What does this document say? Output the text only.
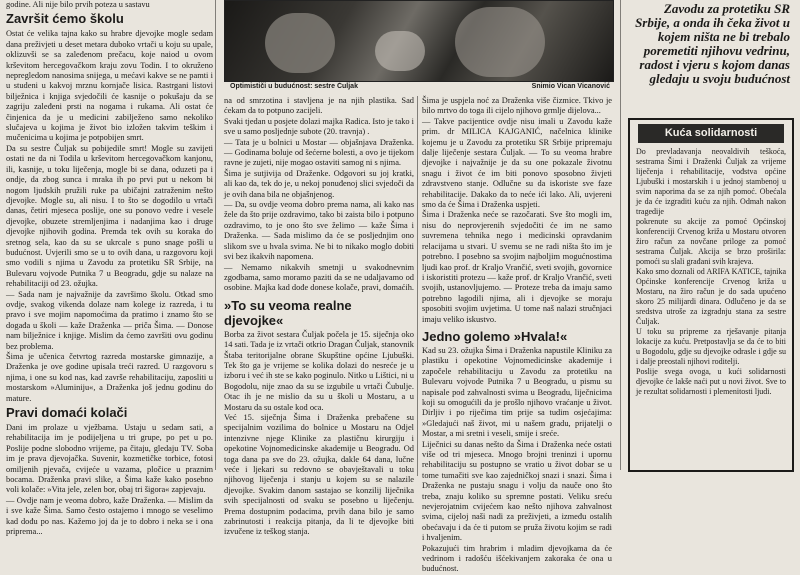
godine. Ali nije bilo prvih poteza u sastavu

Završit ćemo školu

Ostat će velika tajna kako su hrabre djevojke mogle sedam dana preživjeti u deset metara duboko vrtači u koju su upale, oklizuvši se sa zaleđenom prečacu, koje naiod u ovom krševitom hercegovačkom kraju zovu Todin. I to okruženo nepregledom nanosima snijega, u mećavi kakve se ne pamti i u studeni u kakvoj mrznu kornjače lisica. Rastrgani listovi bilježnica i knjiga svjedočili će kasnije o pokušaju da se zagriju zaleđeni prsti na nogama i rukama. Ali ostat će činjenica da je u medicini zabilježeno samo nekoliko slučajeva u kojima je život bio izložen takvim teškim i mučenicima u kojima je potpobijen smrt.

Da su sestre Čuljak su pobijedile smrt! Mogle su zavijeti ostati ne da ni Todila u krševitom hercegovačkom kanjonu, ili, kasnije, u toku liječenja, mogle bi se dana, oduzeti pa i ondje, da zbog sunca i mraka ih po prvi put u nekom bi nogom ljudskih pružili ruke pa ubičajni zatraženim nešto djevojke. Mogle su, ali nisu. I to što se dogodilo u vrtači danas, četiri mjeseca poslije, one su ponovo vedre i vesele djevojke, obuzete stremljenjima i nadanjima kao i druge djevojke njihovih godina. Premda tek ovih su koraka do sretnog sela, kao da su se ukrcale s puno snage pošli u budućnost. Uvjerili smo se u to ovih dana, u razgovoru koji smo vodili s njima u Zavodu za protetiku SR Srbije, na Bulevaru vojvode Putnika 7 u Beogradu, gdje su nalaze na rehabilitaciji od 23. ožujka.

— Sada nam je najvažnije da završimo školu. Otkad smo ovdje, svakog vikenda dolaze nam kolege iz razreda, i tu pravo i sve mojim napomoćima da pratimo i znamo što se događa u školi — kaže Draženka — priča Šima. — Donose nam bilježnice i knjige. Mislim da ćemo završiti ovu godinu bez problema.

Šima je učenica četvrtog razreda mostarske gimnazije, a Draženka je ove godine upisala treći razred. U razgovoru s njima, i one su kod nas, kad završe rehabilitaciju, zaposliti u mostarskom »Aluminiju«, a Draženka još jednu godinu do mature.

Pravi domaći kolači

Dani im prolaze u vježbama. Ustaju u sedam sati, a rehabilitacija im je podijeljena u tri grupe, po pet u po. Poslije podne slobodno vrijeme, pa čitaju, gledaju TV. Soba im je prava djevojačka. Suvenir, kozmetičke torbice, fotosi omiljenih pjevača, cvijeće u vazama, pločice u praznim bocama. Draženka pravi slike, a Šima kaže kako posebno voli kolače: »Vita jele, zelen bor, obaj tri šigora« zapjevaju.

— Ovdje nam je veoma dobro, kaže Draženka. — Mislim da i sve kaže Šima. Samo često ostajemo i mnogo se veselimo kad dođu po nas. Kažemo joj da je to dobro i neka se i ona priprema...

Optimističi u budućnost: sestre Čuljak	Snimio Vican Vicanović

na od smrzotina i stavljena je na njih plastika. Sad ćekam da to potpuno zacijeli.

Svaki tjedan u posjete dolazi majka Radica. Isto je tako i sve u samo posljednje subote (20. travnja) .

— Tata je u bolnici u Mostar — objašnjava Draženka. — Godinama boluje od šećerne bolesti, a ovo je tijekom ravne je zujeti, nije mogao ostaviti samog ni s njima.

Šima je sutjivija od Draženke. Odgovori su joj kratki, ali kao da, tek do je, u nekoj ponuđenoj slici svjedoči da je ovih dana bila ne objašnjenog.

— Da, su ovdje veoma dobro prema nama, ali kako nas žele da što prije ozdravimo, tako bi zaista bilo i potpuno ozdravimo, to je ono što sve želimo — kaže Šima i Draženka. — Sada mislimo da će se posljednjim ono slikom sve u hvala svima. Ne bi to nikako moglo dobiti svi bez ikakvih napomena.

— Nemamo nikakvih smetnji u svakodnevnim zgodbama, samo moramo paziti da se ne udaljavamo od osobine. Majka kad dođe donese kolače, pravi, domaćih.

»To su veoma realne djevojke«

Borba za život sestara Čuljak počela je 15. siječnja oko 14 sati. Tada je iz vrtači otkrio Dragan Čuljak, stanovnik Štaba teritorijalne obrane Skupštine općine Ljubuški. Tek što ga je vrijeme se kolika dolazi do nesreće je u izboru i već ih ste se kako poginulo. Nitko u Lištici, ni u Bogodolu, nije znao da su se izgubile u vrtači Čubulje. Otac ih je ne mislio da su u školi u Mostaru, a u Mostaru da su ostale kod oca.

Već 15. siječnja Šima i Draženka prebačene su specijalnim vozilima do bolnice u Mostaru na Odjel intenzivne njege Klinike za plastičnu kirurgiju i opekotine Vojnomedicinske akademije u Beogradu. Od toga dana pa sve do 23. ožujka, dakle 64 dana, lučne veće i ljekari su redovno se obavještavali u toku njihovog liječenja i stanju u kojem su se nalazile djevojke. Svakim danom sastajao se konzilij liječnika svih specijalnosti od svaku se posebno u liječenju. Prema dostupnim podacima, prvih dana bilo je samo zabrinutosti i reakcija pitanja, da li te djevojke biti izvučene iz teškog stanja.

Šima je uspjela noć za Draženka više čizmice. Tkivo je bilo mrtvo do toga ili cijelo njihovo grmlje dijelova...

— Takve pacijentice ovdje nisu imali u Zavodu kaže prim. dr MILICA KAJGANIĆ, načelnica klinike kojemu je u Zavodu za protetiku SR Srbije pripremaju dalje liječenje sestara Čuljak. — To su veoma hrabre djevojke i najvažnije je da su one pokazale životnu snagu i život će im biti ponovo sposobno živjeti zdravstveno stanje. Odlučne su da iskoriste sve faze rehabilitacije. Dakako da to neće ići lako. Ali, uvjereni smo da će Šima i Draženka uspjeti.

Šima i Draženka neće se razočarati. Sve što mogli im, nisu do neprovjerenih svjedočiti će im ne samo suvremena tehnika nego i medicinski opravdanim relacijama u stvari. U svemu se ne radi ništa što im je potrebno. I posebno sa svojim najboljim mogućnostima ljudi kao prof. dr Kraljo Vrančić, sveti svojih, govornice i iskoristiti protezu — kaže prof. dr Kraljo Vrančić, sveti svojih, ustanovljujemo. — Proteze treba da imaju samo potrebno lagodili njima, ali i djevojke se moraju sposobiti svojim uvjetima. U tome naš nalazi stručnjaci imaju veliko iskustvo.

Jedno golemo »Hvala!«

Kad su 23. ožujka Šima i Draženka napustile Kliniku za plastiku i opekotine Vojnomedicinske akademije i započele rehabilitaciju u Zavodu za protetiku na Bulevaru vojvode Putnika 7 u Beogradu, u pismu su napisale pod zahvalnosti svima u Beogradu, liječnicima koji su omogućili da je prošlo njihovo vraćanje u život. Dirljiv i po riječima tim prije sa tudim osjećajima: »Gledajući naš život, mi u našem gradu, prijatelji o Mostar, a mi sretni i veseli, smije i sreće.

Liječnici su danas nešto da Šima i Draženka neće ostati više od tri mjeseca. Mnogo brojni treninzi i upornu rehabilitaciju su postupno se vratio u život dobar se u tome tumačiti sve kao zajedničkoj snazi i snazi. Šima i Draženka ne pustaju snagu i volju da nauče ono što treba, znaju koliko su spremne postati. Veliku sreću nevjerojatnim cvijećem kao nešto njihova zahvalnost svima, cijeloj naši nadi za preživjeti, a između ostalih obećavaju i da će ti putom se pruža životu kojim se radi i hvaljenim.

Pokazujući tim hrabrim i mladim djevojkama da će vedrinom i radošću išćekivanjem zakoraka će ona u budućnost.

Zavodu za protetiku SR Srbije, a onda ih čeka život u kojem ništa ne bi trebalo poremetiti njihovu vedrinu, radost i vjeru s kojom danas gledaju u svoju budućnost
Kuća solidarnosti

Do prevladavanja neovaldivih teškoća, sestrama Šimi i Draženki Čuljak za vrijeme liječenja i rehabilitacije, vođstva općine Ljubuški i mostarskih i u jednoj stambenoj u svim naporima da se za njih pomoć. Obećala je da će izgraditi kuću za njih. Odmah nakon tragedije

pokrenute su akcije za pomoć Općinskoj konferenciji Crvenog križa u Mostaru otvoren žiro račun za novčane priloge za pomoć sestrama Čuljak. Akcija se brzo proširila: pomoći su slali građani svih krajeva.

Kako smo doznali od ARIFA KATICE, tajnika Općinske konferencije Crvenog križa u Mostaru, na žiro račun je do sada upućeno skoro 25 milijardi dinara. Odlučeno je da se sredstva utroše za izgradnju stana za sestre Čuljak.

U toku su pripreme za rješavanje pitanja lokacije za kuću. Pretpostavlja se da će to biti u Bogodolu, gdje su djevojke odrasle i gdje su i dalje preostali njihovi roditelji.

Poslije svega ovoga, u kući solidarnosti djevojke će lakše naći put u novi život. Sve to je rezultat solidarnosti i plemenitosti ljudi.
